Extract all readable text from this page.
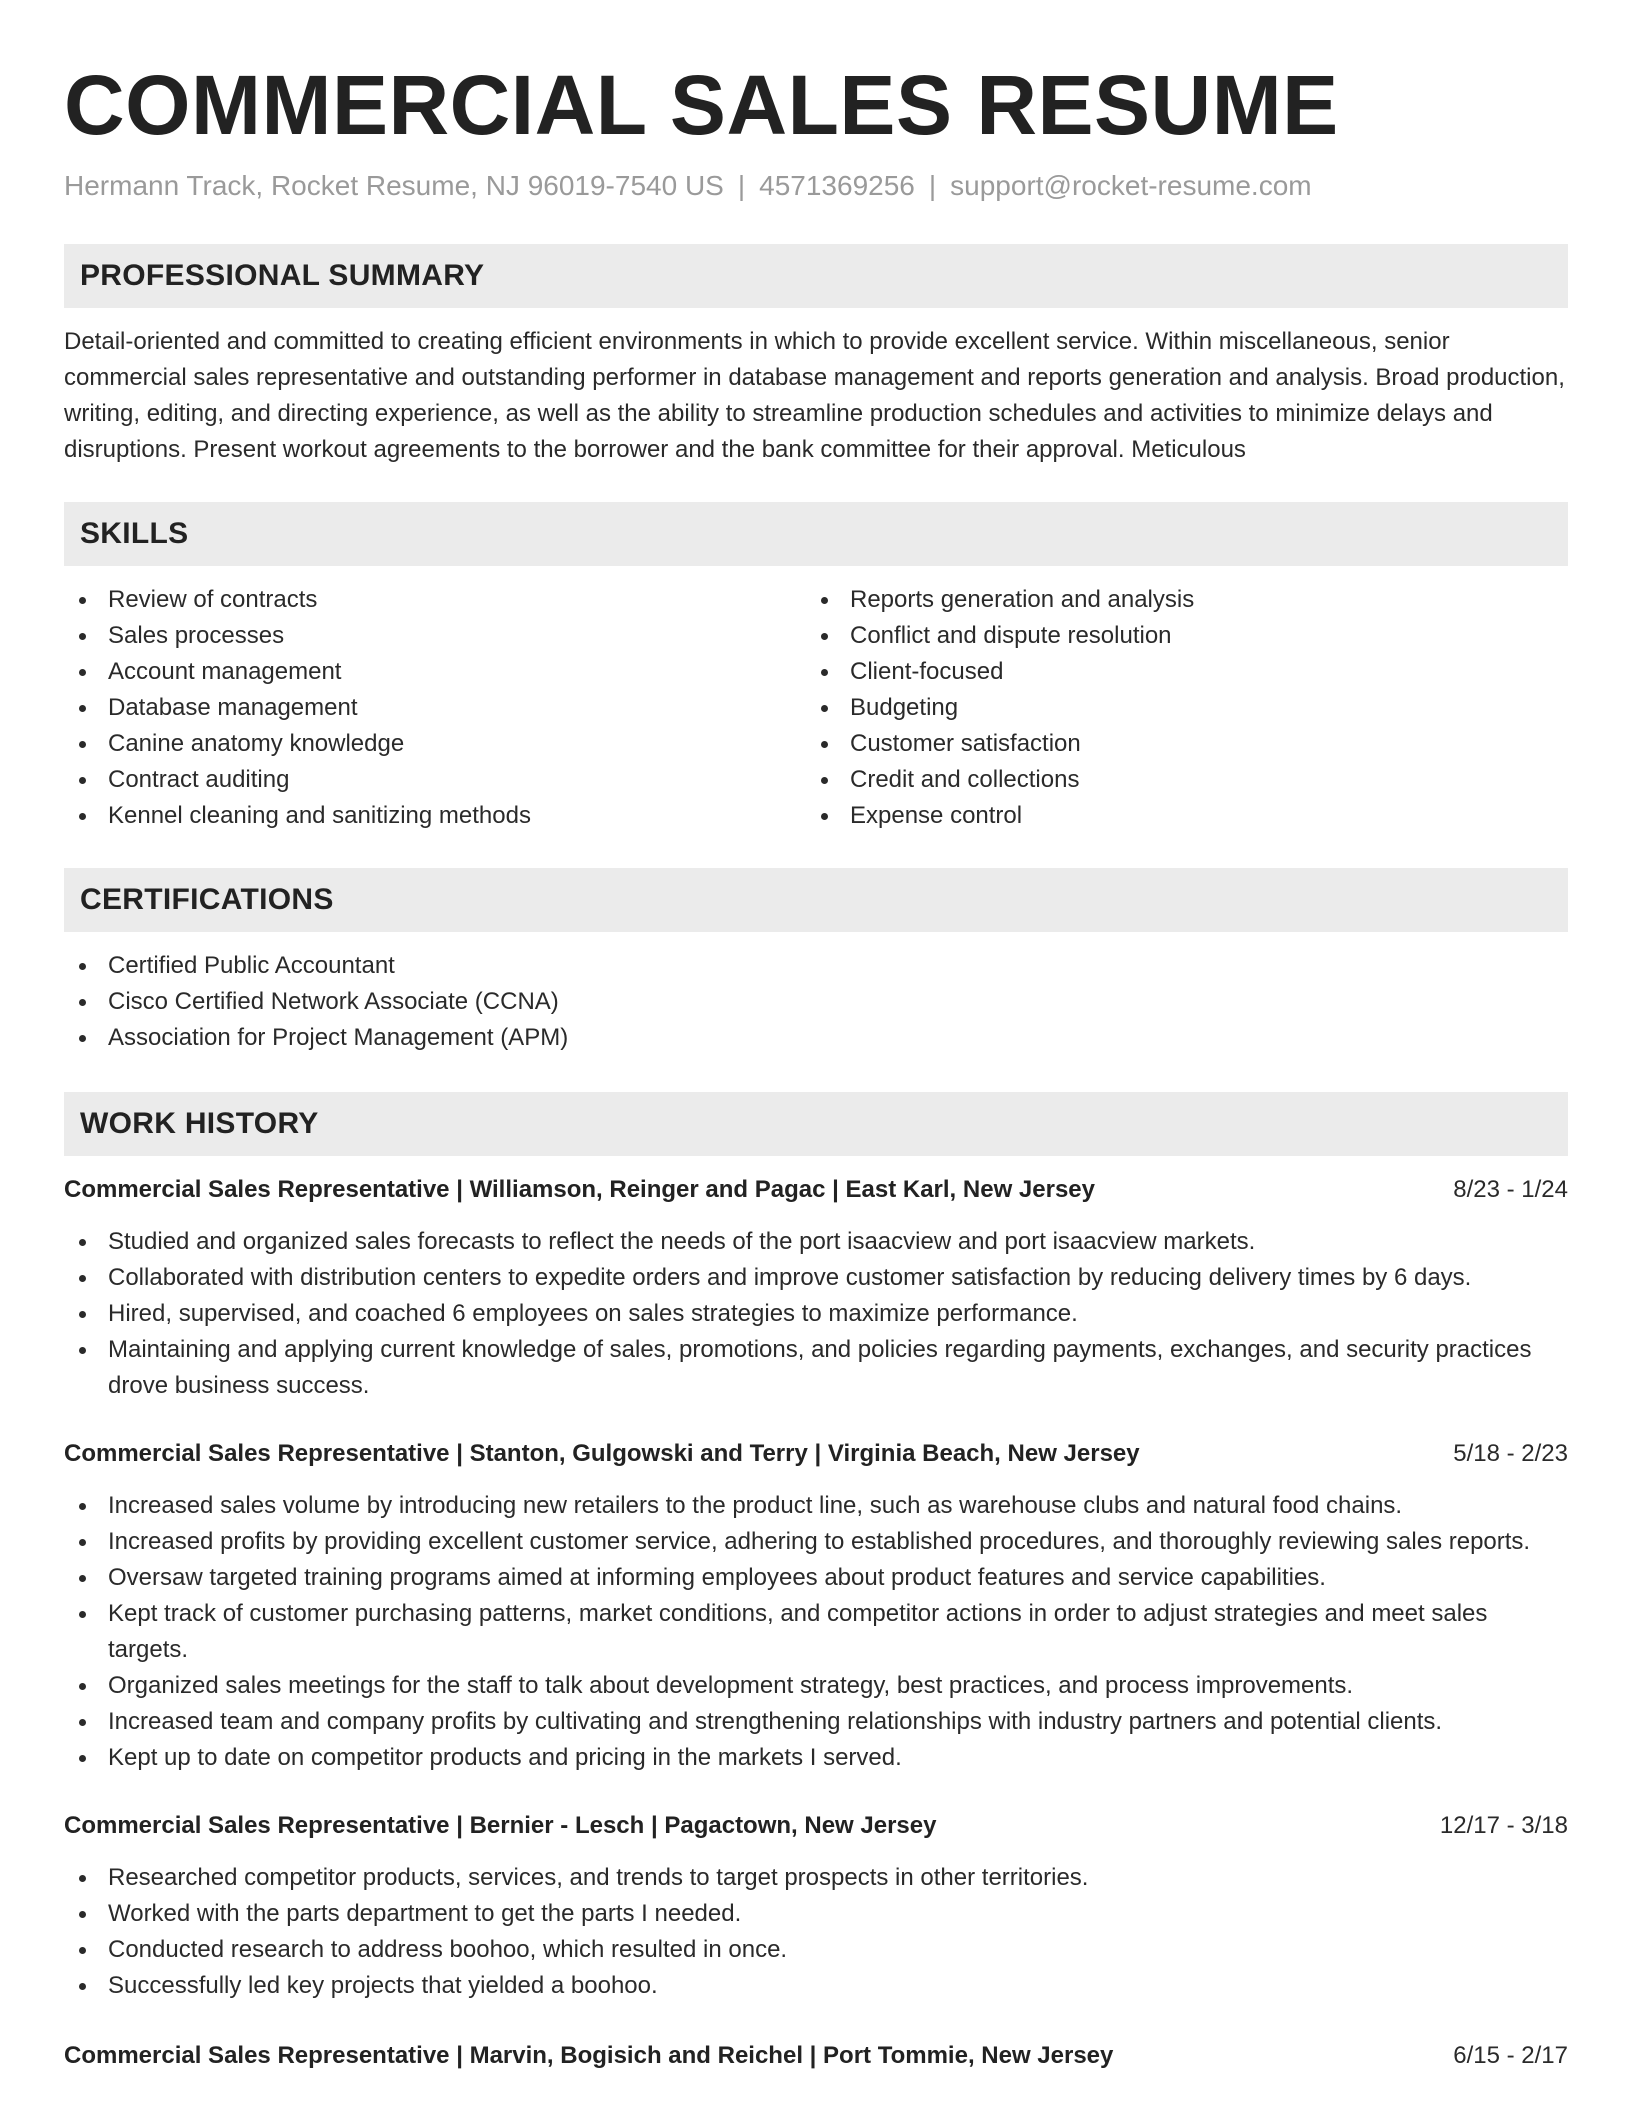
COMMERCIAL SALES RESUME
Hermann Track, Rocket Resume, NJ 96019-7540 US | 4571369256 | support@rocket-resume.com
PROFESSIONAL SUMMARY

Detail-oriented and committed to creating efficient environments in which to provide excellent service. Within miscellaneous, senior commercial sales representative and outstanding performer in database management and reports generation and analysis. Broad production, writing, editing, and directing experience, as well as the ability to streamline production schedules and activities to minimize delays and disruptions. Present workout agreements to the borrower and the bank committee for their approval. Meticulous

SKILLS
Review of contracts
Sales processes
Account management
Database management
Canine anatomy knowledge
Contract auditing
Kennel cleaning and sanitizing methods
Reports generation and analysis
Conflict and dispute resolution
Client-focused
Budgeting
Customer satisfaction
Credit and collections
Expense control
CERTIFICATIONS
Certified Public Accountant
Cisco Certified Network Associate (CCNA)
Association for Project Management (APM)
WORK HISTORY
Commercial Sales Representative | Williamson, Reinger and Pagac | East Karl, New Jersey	8/23 - 1/24
Studied and organized sales forecasts to reflect the needs of the port isaacview and port isaacview markets.
Collaborated with distribution centers to expedite orders and improve customer satisfaction by reducing delivery times by 6 days.
Hired, supervised, and coached 6 employees on sales strategies to maximize performance.
Maintaining and applying current knowledge of sales, promotions, and policies regarding payments, exchanges, and security practices drove business success.
Commercial Sales Representative | Stanton, Gulgowski and Terry | Virginia Beach, New Jersey	5/18 - 2/23
Increased sales volume by introducing new retailers to the product line, such as warehouse clubs and natural food chains.
Increased profits by providing excellent customer service, adhering to established procedures, and thoroughly reviewing sales reports.
Oversaw targeted training programs aimed at informing employees about product features and service capabilities.
Kept track of customer purchasing patterns, market conditions, and competitor actions in order to adjust strategies and meet sales targets.
Organized sales meetings for the staff to talk about development strategy, best practices, and process improvements.
Increased team and company profits by cultivating and strengthening relationships with industry partners and potential clients.
Kept up to date on competitor products and pricing in the markets I served.
Commercial Sales Representative | Bernier - Lesch | Pagactown, New Jersey	12/17 - 3/18
Researched competitor products, services, and trends to target prospects in other territories.
Worked with the parts department to get the parts I needed.
Conducted research to address boohoo, which resulted in once.
Successfully led key projects that yielded a boohoo.
Commercial Sales Representative | Marvin, Bogisich and Reichel | Port Tommie, New Jersey	6/15 - 2/17
